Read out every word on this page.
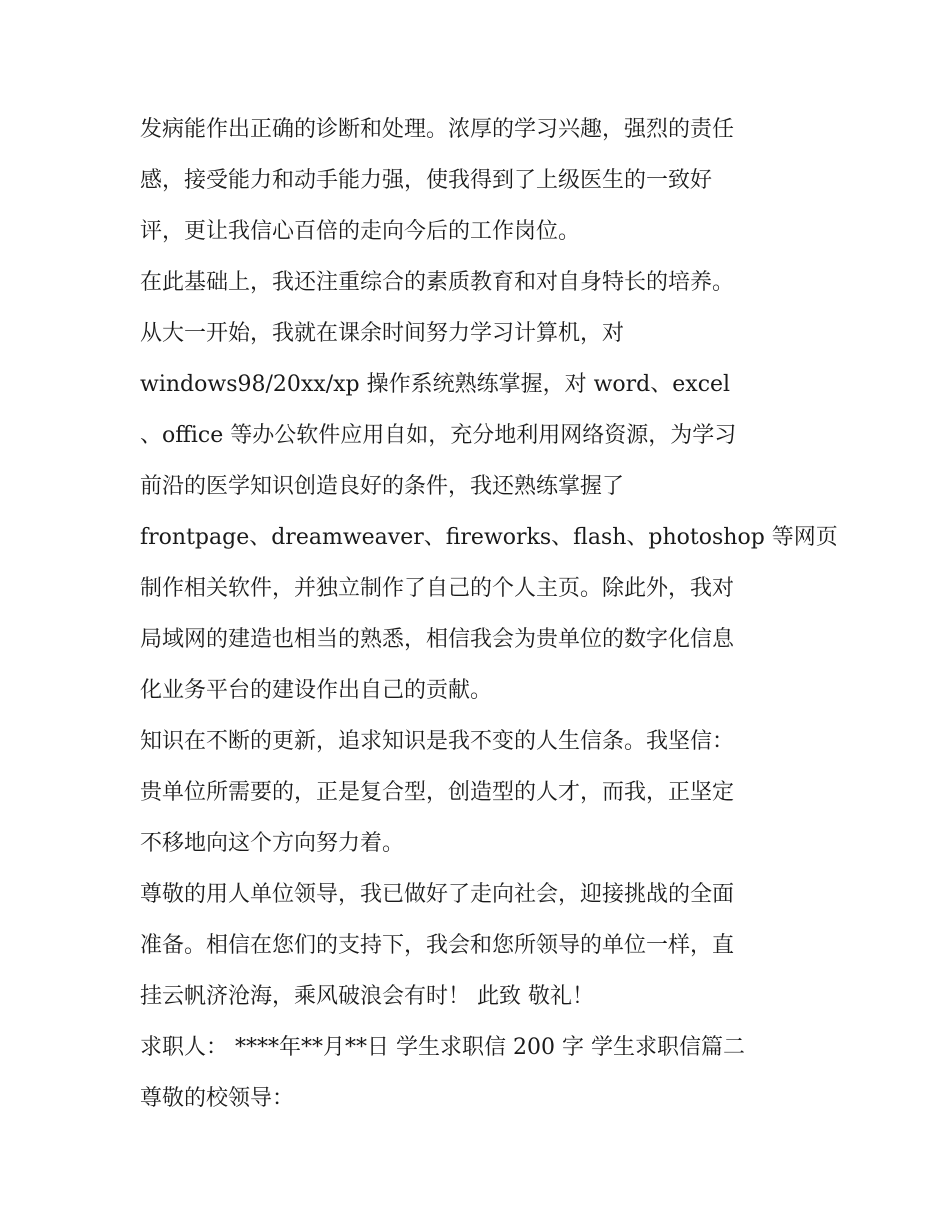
发病能作出正确的诊断和处理。浓厚的学习兴趣，强烈的责任
感，接受能力和动手能力强，使我得到了上级医生的一致好
评，更让我信心百倍的走向今后的工作岗位。
在此基础上，我还注重综合的素质教育和对自身特长的培养。
从大一开始，我就在课余时间努力学习计算机，对
windows98/20xx/xp 操作系统熟练掌握，对 word、excel
、office 等办公软件应用自如，充分地利用网络资源，为学习
前沿的医学知识创造良好的条件，我还熟练掌握了
frontpage、dreamweaver、fireworks、flash、photoshop 等网页
制作相关软件，并独立制作了自己的个人主页。除此外，我对
局域网的建造也相当的熟悉，相信我会为贵单位的数字化信息
化业务平台的建设作出自己的贡献。
知识在不断的更新，追求知识是我不变的人生信条。我坚信：
贵单位所需要的，正是复合型，创造型的人才，而我，正坚定
不移地向这个方向努力着。
尊敬的用人单位领导，我已做好了走向社会，迎接挑战的全面
准备。相信在您们的支持下，我会和您所领导的单位一样，直
挂云帆济沧海，乘风破浪会有时！ 此致 敬礼！
求职人： ****年**月**日 学生求职信 200 字 学生求职信篇二
尊敬的校领导：
